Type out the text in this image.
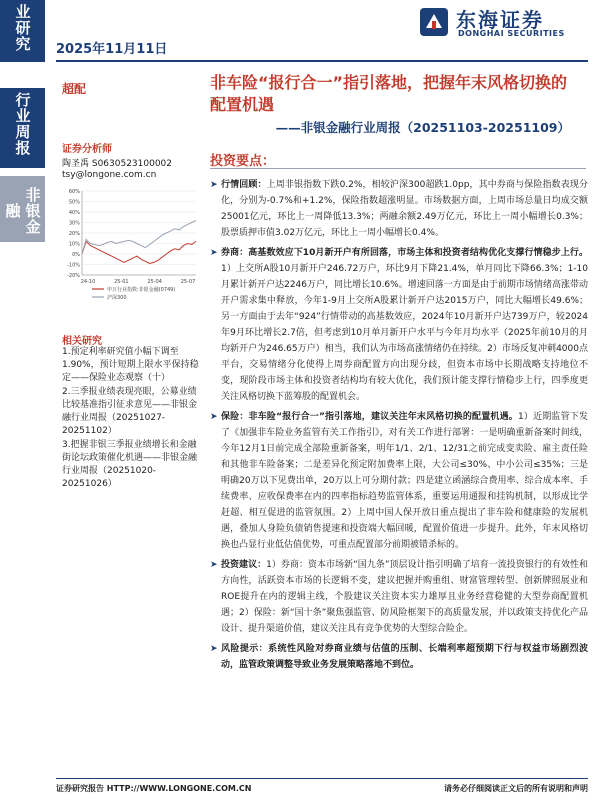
业研究
行业周报
非银金融
2025年11月11日
东海证券
DONGHAI SECURITIES
超配	非车险“报行合一”指引落地，把握年末风格切换的配置机遇
——非银金融行业周报（20251103-20251109）
证券分析师
陶圣禹 S0630523100002
tsy@longone.com.cn
60%
50%
40%
30%
20%
10%
0%
-10%
-20%
24-10	25-01	25-04	25-07
申万行业指数:非银金融(0749)
沪深300
相关研究

1.预定利率研究值小幅下调至1.90%，预计短期上限水平保持稳定——保险业态观察（十）

2.三季报业绩表现亮眼，公募业绩比较基准指引征求意见——非银金融行业周报（20251027-20251102）

3.把握非银三季报业绩增长和金融街论坛政策催化机遇——非银金融行业周报（20251020-20251026）

投资要点：
➤ 行情回顾：上周非银指数下跌0.2%，相较沪深300超跌1.0pp，其中券商与保险指数表现分化，分别为-0.7%和+1.2%，保险指数超涨明显。市场数据方面，上周市场总量日均成交额25001亿元，环比上一周降低13.3%；两融余额2.49万亿元，环比上一周小幅增长0.3%；股票质押市值3.02万亿元，环比上一周小幅增长0.4%。
➤ 券商：高基数效应下10月新开户有所回落，市场主体和投资者结构优化支撑行情稳步上行。1）上交所A股10月新开户246.72万户，环比9月下降21.4%，单月同比下降66.3%；1-10月累计新开户达2246万户，同比增长10.6%。增速回落一方面是由于前期市场情绪高涨带动开户需求集中释放，今年1-9月上交所A股累计新开户达2015万户，同比大幅增长49.6%；另一方面由于去年“924”行情带动的高基数效应，2024年10月新开户达739万户，较2024年9月环比增长2.7倍，但考虑到10月单月新开户水平与今年月均水平（2025年前10月的月均新开户为246.65万户）相当，我们认为市场高涨情绪仍在持续。2）市场反复冲刺4000点平台，交易情绪分化使得上周券商配置方向出现分歧，但资本市场中长期战略支持地位不变，现阶段市场主体和投资者结构均有较大优化，我们预计能支撑行情稳步上行，四季度更关注风格切换下蓝筹股的配置机会。
➤ 保险：非车险“报行合一”指引落地，建议关注年末风格切换的配置机遇。1）近期监管下发了《加强非车险业务监管有关工作指引》，对有关工作进行部署：一是明确重新备案时间线，今年12月1日前完成全部险重新备案，明年1/1、2/1、12/31之前完成变卖险、雇主责任险和其他非车险备案；二是差异化预定附加费率上限，大公司≤30%、中小公司≤35%；三是明确20万以下见费出单，20万以上可分期付款；四是建立函涵综合费用率、综合成本率、手续费率、应收保费率在内的四率指标趋势监管体系，重要运用通报和挂钩机制，以形成比学赶超、相互促进的监管氛围。2）上周中国人保开放日重点提出了非车险和健康险的发展机遇，叠加人身险负债销售提速和投资端大幅回暖，配置价值进一步提升。此外，年末风格切换也凸显行业低估值优势，可重点配置部分前期被错杀标的。
➤ 投资建议：1）券商：资本市场新“国九条”顶层设计指引明确了培育一流投资银行的有效性和方向性，活跃资本市场的长逻辑不变，建议把握并购重组、财富管理转型、创新牌照展业和ROE提升在内的逻辑主线，个股建议关注资本实力雄厚且业务经营稳健的大型券商配置机遇；2）保险：新“国十条”聚焦强监管、防风险框架下的高质量发展，并以政策支持优化产品设计、提升渠道价值，建议关注具有竞争优势的大型综合险企。
➤ 风险提示：系统性风险对券商业绩与估值的压制、长端利率超预期下行与权益市场剧烈波动，监管政策调整导致业务发展策略落地不到位。
证券研究报告 HTTP://WWW.LONGONE.COM.CN	请务必仔细阅读正文后的所有说明和声明
